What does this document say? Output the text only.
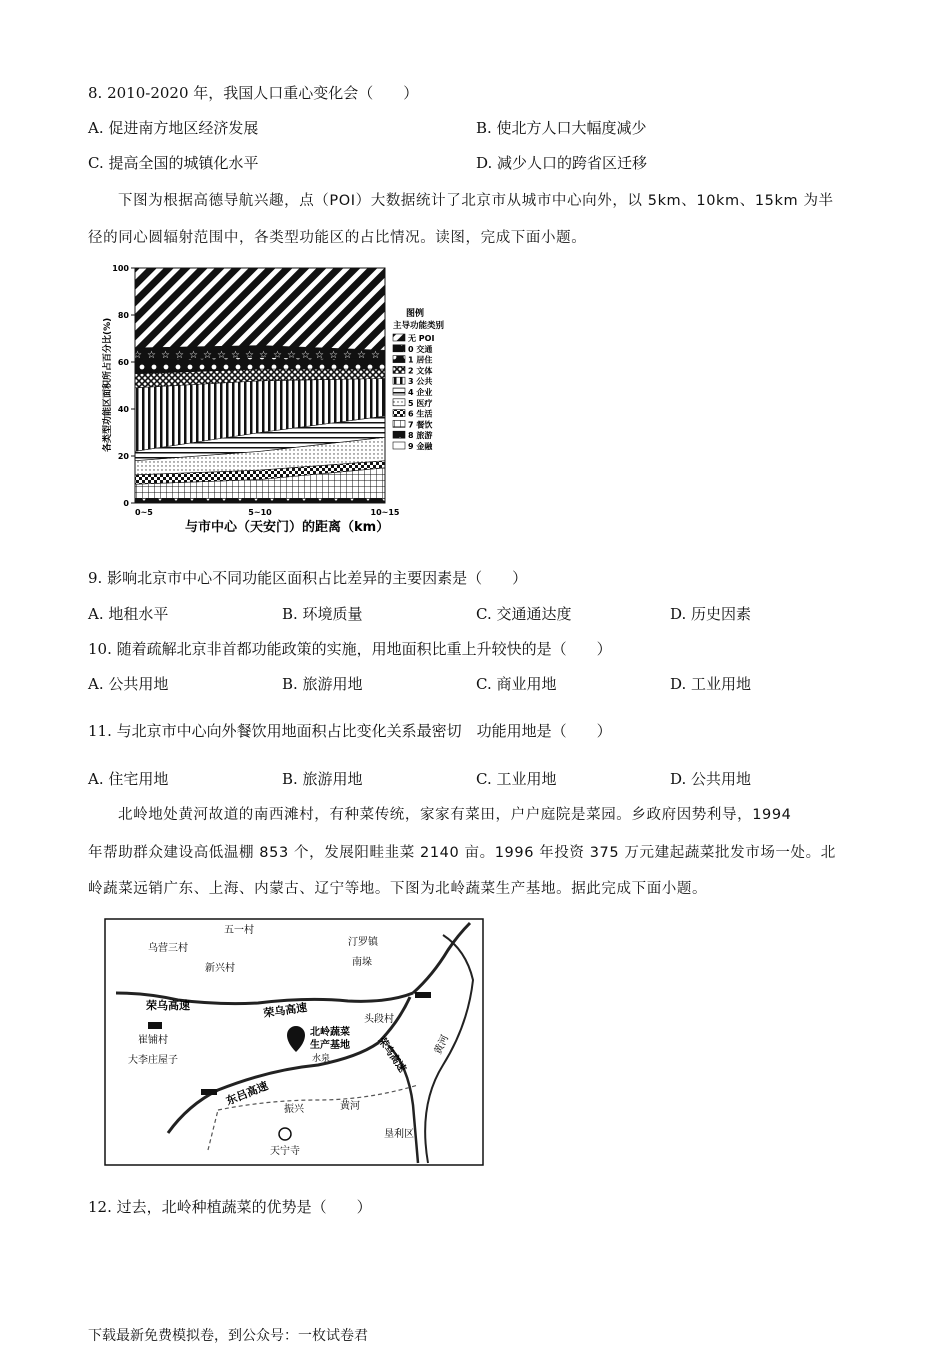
8. 2010-2020 年，我国人口重心变化会（　　）
A. 促进南方地区经济发展	B. 使北方人口大幅度减少
C. 提高全国的城镇化水平	D. 减少人口的跨省区迁移
下图为根据高德导航兴趣，点（POI）大数据统计了北京市从城市中心向外，以 5km、10km、15km 为半
径的同心圆辐射范围中，各类型功能区的占比情况。读图，完成下面小题。
0
20
40
60
80
100
0~5	5~10	10~15
各类型功能区面积所占百分比(%)
与市中心（天安门）的距离（km）
图例
主导功能类别
无 POI
0 交通
1 居住
2 文体
3 公共
4 企业
5 医疗
6 生活
7 餐饮
8 旅游
9 金融
9. 影响北京市中心不同功能区面积占比差异的主要因素是（　　）
A. 地租水平	B. 环境质量	C. 交通通达度	D. 历史因素
10. 随着疏解北京非首都功能政策的实施，用地面积比重上升较快的是（　　）
A. 公共用地	B. 旅游用地	C. 商业用地	D. 工业用地
11. 与北京市中心向外餐饮用地面积占比变化关系最密切　功能用地是（　　）
A. 住宅用地	B. 旅游用地	C. 工业用地	D. 公共用地
北岭地处黄河故道的南西滩村，有种菜传统，家家有菜田，户户庭院是菜园。乡政府因势利导，1994
年帮助群众建设高低温棚 853 个，发展阳畦韭菜 2140 亩。1996 年投资 375 万元建起蔬菜批发市场一处。北
岭蔬菜远销广东、上海、内蒙古、辽宁等地。下图为北岭蔬菜生产基地。据此完成下面小题。
五一村
乌营三村
新兴村
汀罗镇
南垛
荣乌高速	荣乌高速	头段村
北岭蔬菜
生产基地
水泉
崔铺村
大李庄屋子
东吕高速
荣乌高速	黄河
黄河
振兴
垦利区
天宁寺
12. 过去，北岭种植蔬菜的优势是（　　）
下载最新免费模拟卷，到公众号：一枚试卷君
